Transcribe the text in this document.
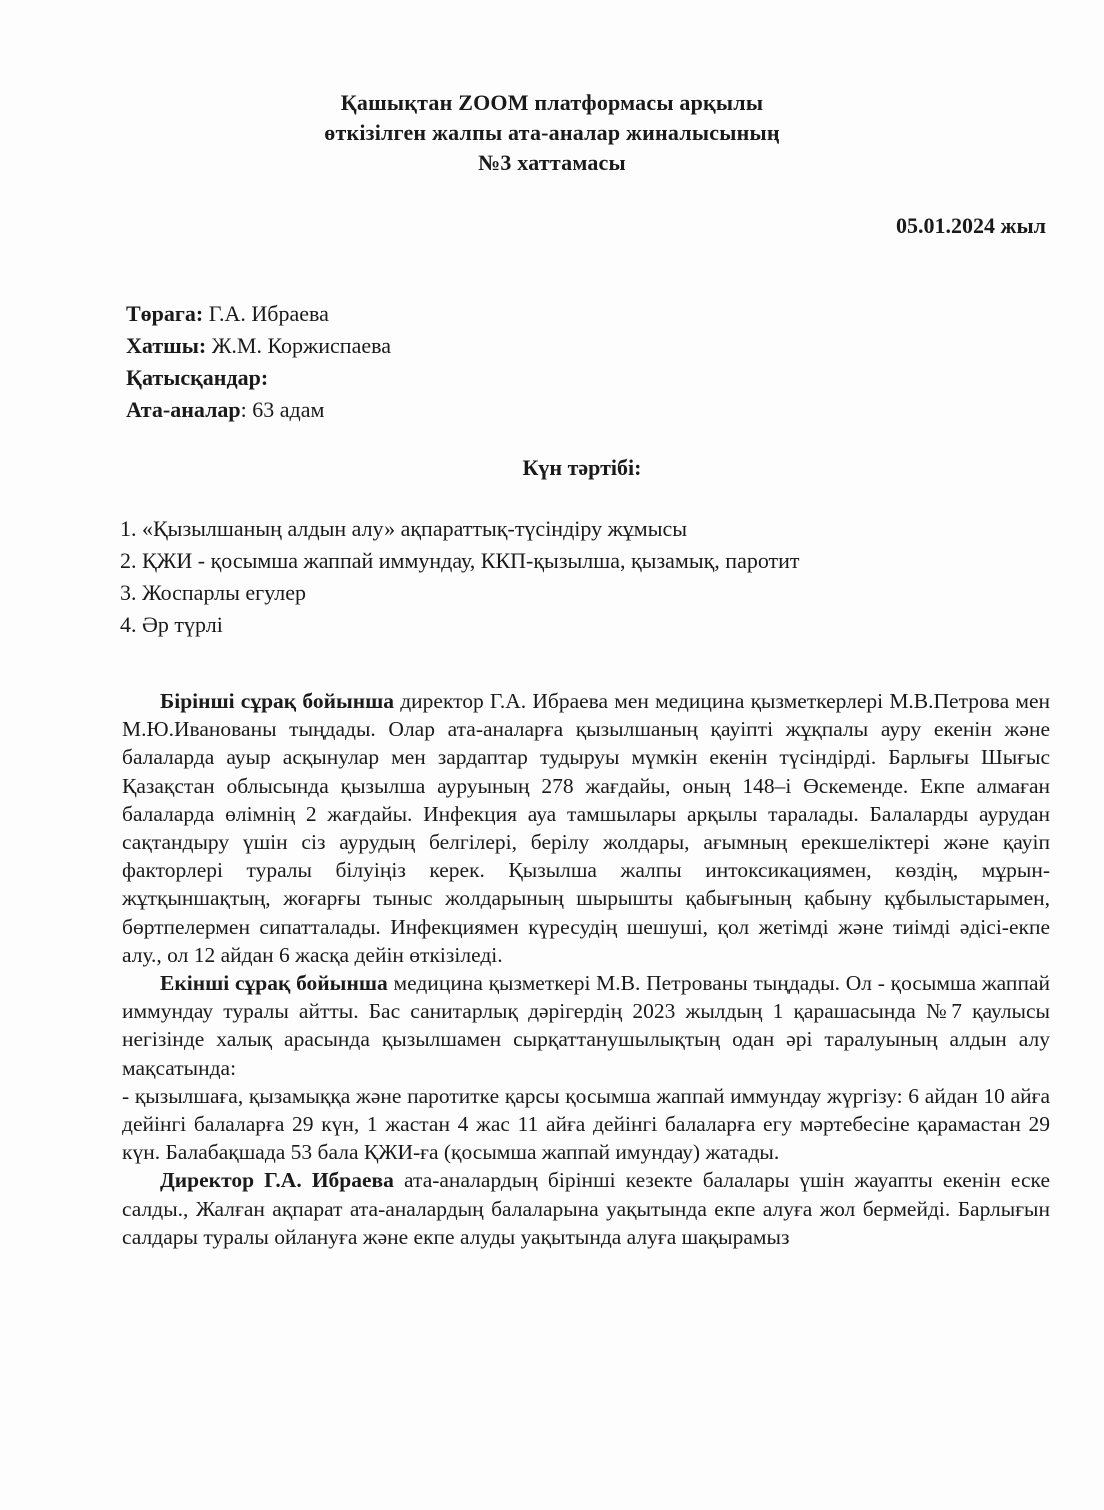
Қашықтан ZOOM платформасы арқылы
өткізілген жалпы ата-аналар жиналысының
№3 хаттамасы
05.01.2024 жыл
Төрага: Г.А. Ибраева
Хатшы: Ж.М. Коржиспаева
Қатысқандар:
Ата-аналар: 63 адам
Күн тәртібі:
1. «Қызылшаның алдын алу» ақпараттық-түсіндіру жұмысы
2. ҚЖИ - қосымша жаппай иммундау, ККП-қызылша, қызамық, паротит
3. Жоспарлы егулер
4. Әр түрлі

Бірінші сұрақ бойынша директор Г.А. Ибраева мен медицина қызметкерлері М.В.Петрова мен М.Ю.Иванованы тыңдады. Олар ата-аналарға қызылшаның қауіпті жұқпалы ауру екенін және балаларда ауыр асқынулар мен зардаптар тудыруы мүмкін екенін түсіндірді. Барлығы Шығыс Қазақстан облысында қызылша ауруының 278 жағдайы, оның 148–і Өскеменде. Екпе алмаған балаларда өлімнің 2 жағдайы. Инфекция ауа тамшылары арқылы таралады. Балаларды аурудан сақтандыру үшін сіз аурудың белгілері, берілу жолдары, ағымның ерекшеліктері және қауіп факторлері туралы білуіңіз керек. Қызылша жалпы интоксикациямен, көздің, мұрын-жұтқыншақтың, жоғарғы тыныс жолдарының шырышты қабығының қабыну құбылыстарымен, бөртпелермен сипатталады. Инфекциямен күресудің шешуші, қол жетімді және тиімді әдісі-екпе алу., ол 12 айдан 6 жасқа дейін өткізіледі.

Екінші сұрақ бойынша медицина қызметкері М.В. Петрованы тыңдады. Ол - қосымша жаппай иммундау туралы айтты. Бас санитарлық дәрігердің 2023 жылдың 1 қарашасында №7 қаулысы негізінде халық арасында қызылшамен сырқаттанушылықтың одан әрі таралуының алдын алу мақсатында:

- қызылшаға, қызамыққа және паротитке қарсы қосымша жаппай иммундау жүргізу: 6 айдан 10 айға дейінгі балаларға 29 күн, 1 жастан 4 жас 11 айға дейінгі балаларға егу мәртебесіне қарамастан 29 күн. Балабақшада 53 бала ҚЖИ-ға (қосымша жаппай имундау) жатады.

Директор Г.А. Ибраева ата-аналардың бірінші кезекте балалары үшін жауапты екенін еске салды., Жалған ақпарат ата-аналардың балаларына уақытында екпе алуға жол бермейді. Барлығын салдары туралы ойлануға және екпе алуды уақытында алуға шақырамыз
